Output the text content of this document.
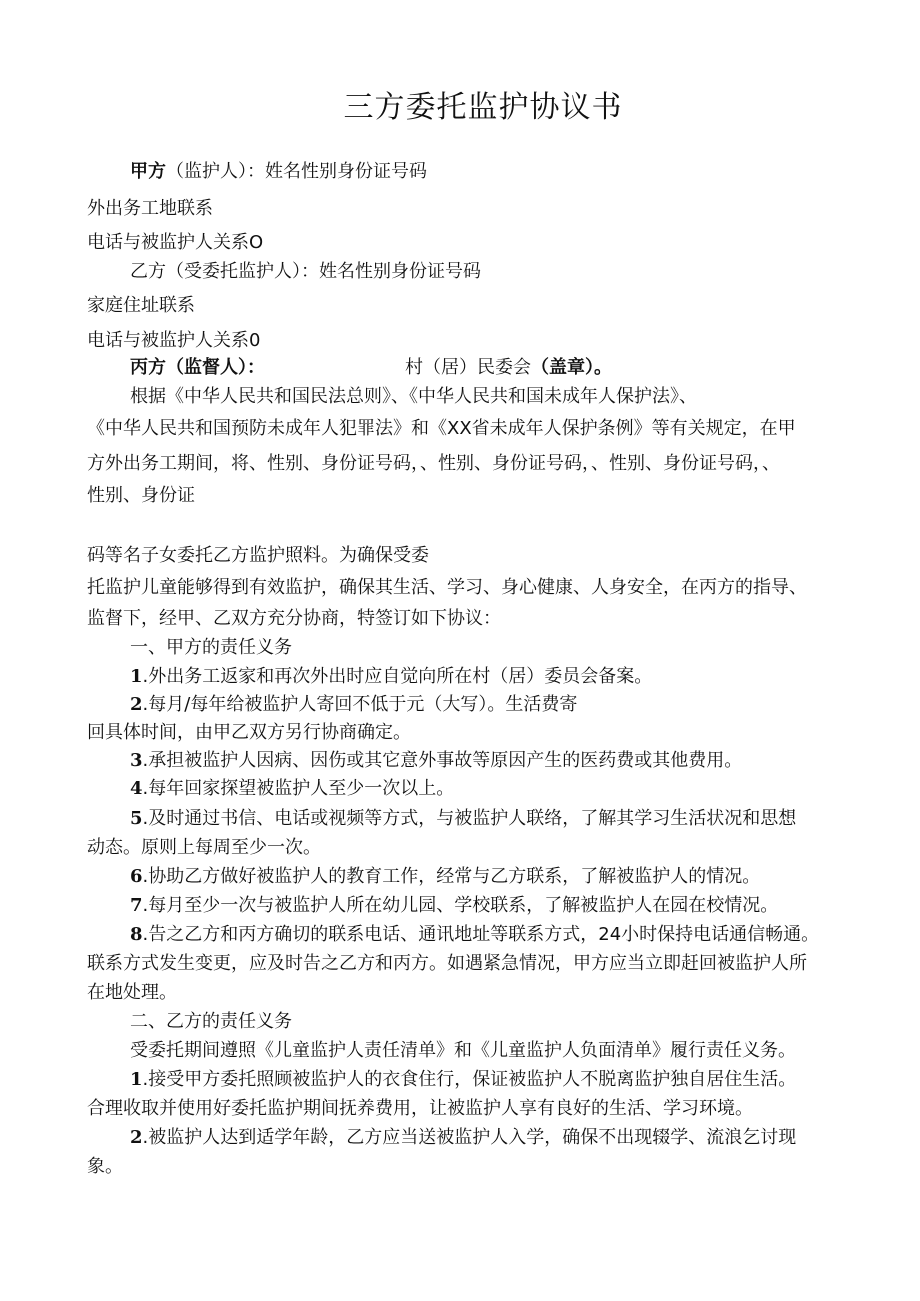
三方委托监护协议书
甲方（监护人）：姓名性别身份证号码
外出务工地联系
电话与被监护人关系O
乙方（受委托监护人）：姓名性别身份证号码
家庭住址联系
电话与被监护人关系0
丙方（监督人）：	村（居）民委会（盖章）。
根据《中华人民共和国民法总则》、《中华人民共和国未成年人保护法》、
《中华人民共和国预防未成年人犯罪法》和《XX省未成年人保护条例》等有关规定，在甲
方外出务工期间，将、性别、身份证号码，、性别、身份证号码，、性别、身份证号码，、
性别、身份证
码等名子女委托乙方监护照料。为确保受委
托监护儿童能够得到有效监护，确保其生活、学习、身心健康、人身安全，在丙方的指导、
监督下，经甲、乙双方充分协商，特签订如下协议：
一、甲方的责任义务
1.外出务工返家和再次外出时应自觉向所在村（居）委员会备案。
2.每月/每年给被监护人寄回不低于元（大写）。生活费寄
回具体时间，由甲乙双方另行协商确定。
3.承担被监护人因病、因伤或其它意外事故等原因产生的医药费或其他费用。
4.每年回家探望被监护人至少一次以上。
5.及时通过书信、电话或视频等方式，与被监护人联络，了解其学习生活状况和思想
动态。原则上每周至少一次。
6.协助乙方做好被监护人的教育工作，经常与乙方联系，了解被监护人的情况。
7.每月至少一次与被监护人所在幼儿园、学校联系，了解被监护人在园在校情况。
8.告之乙方和丙方确切的联系电话、通讯地址等联系方式，24小时保持电话通信畅通。
联系方式发生变更，应及时告之乙方和丙方。如遇紧急情况，甲方应当立即赶回被监护人所
在地处理。
二、乙方的责任义务
受委托期间遵照《儿童监护人责任清单》和《儿童监护人负面清单》履行责任义务。
1.接受甲方委托照顾被监护人的衣食住行，保证被监护人不脱离监护独自居住生活。
合理收取并使用好委托监护期间抚养费用，让被监护人享有良好的生活、学习环境。
2.被监护人达到适学年龄，乙方应当送被监护人入学，确保不出现辍学、流浪乞讨现
象。
